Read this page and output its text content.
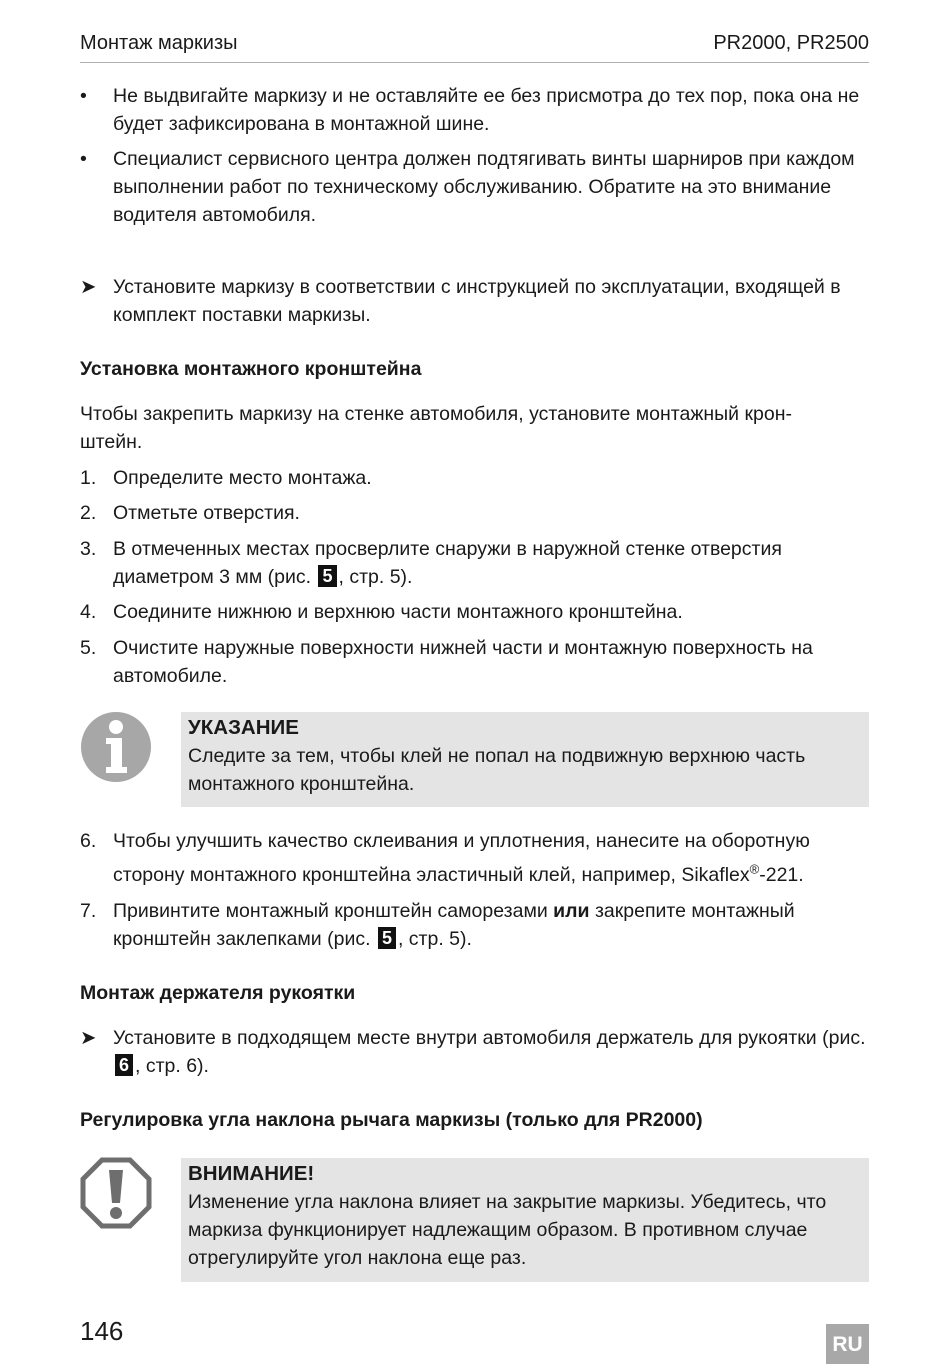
Монтаж маркизы	PR2000, PR2500
•	Не выдвигайте маркизу и не оставляйте ее без присмотра до тех пор, пока она не будет зафиксирована в монтажной шине.
•	Специалист сервисного центра должен подтягивать винты шарниров при каждом выполнении работ по техническому обслуживанию. Обратите на это внимание водителя автомобиля.
➤ Установите маркизу в соответствии с инструкцией по эксплуатации, входящей в комплект поставки маркизы.
Установка монтажного кронштейна
Чтобы закрепить маркизу на стенке автомобиля, установите монтажный крон-
штейн.
1. Определите место монтажа.
2. Отметьте отверстия.
3. В отмеченных местах просверлите снаружи в наружной стенке отверстия диаметром 3 мм (рис. 5 , стр. 5).
4. Соедините нижнюю и верхнюю части монтажного кронштейна.
5. Очистите наружные поверхности нижней части и монтажную поверхность на автомобиле.
УКАЗАНИЕ
Следите за тем, чтобы клей не попал на подвижную верхнюю часть монтажного кронштейна.
6. Чтобы улучшить качество склеивания и уплотнения, нанесите на оборотную
сторону монтажного кронштейна эластичный клей, например, Sikaflex®-221.
7. Привинтите монтажный кронштейн саморезами или закрепите монтажный кронштейн заклепками (рис. 5 , стр. 5).
Монтаж держателя рукоятки
➤ Установите в подходящем месте внутри автомобиля держатель для рукоятки (рис. 6 , стр. 6).
Регулировка угла наклона рычага маркизы (только для PR2000)
ВНИМАНИЕ!
Изменение угла наклона влияет на закрытие маркизы. Убедитесь, что маркиза функционирует надлежащим образом. В противном случае отрегулируйте угол наклона еще раз.
146	RU
